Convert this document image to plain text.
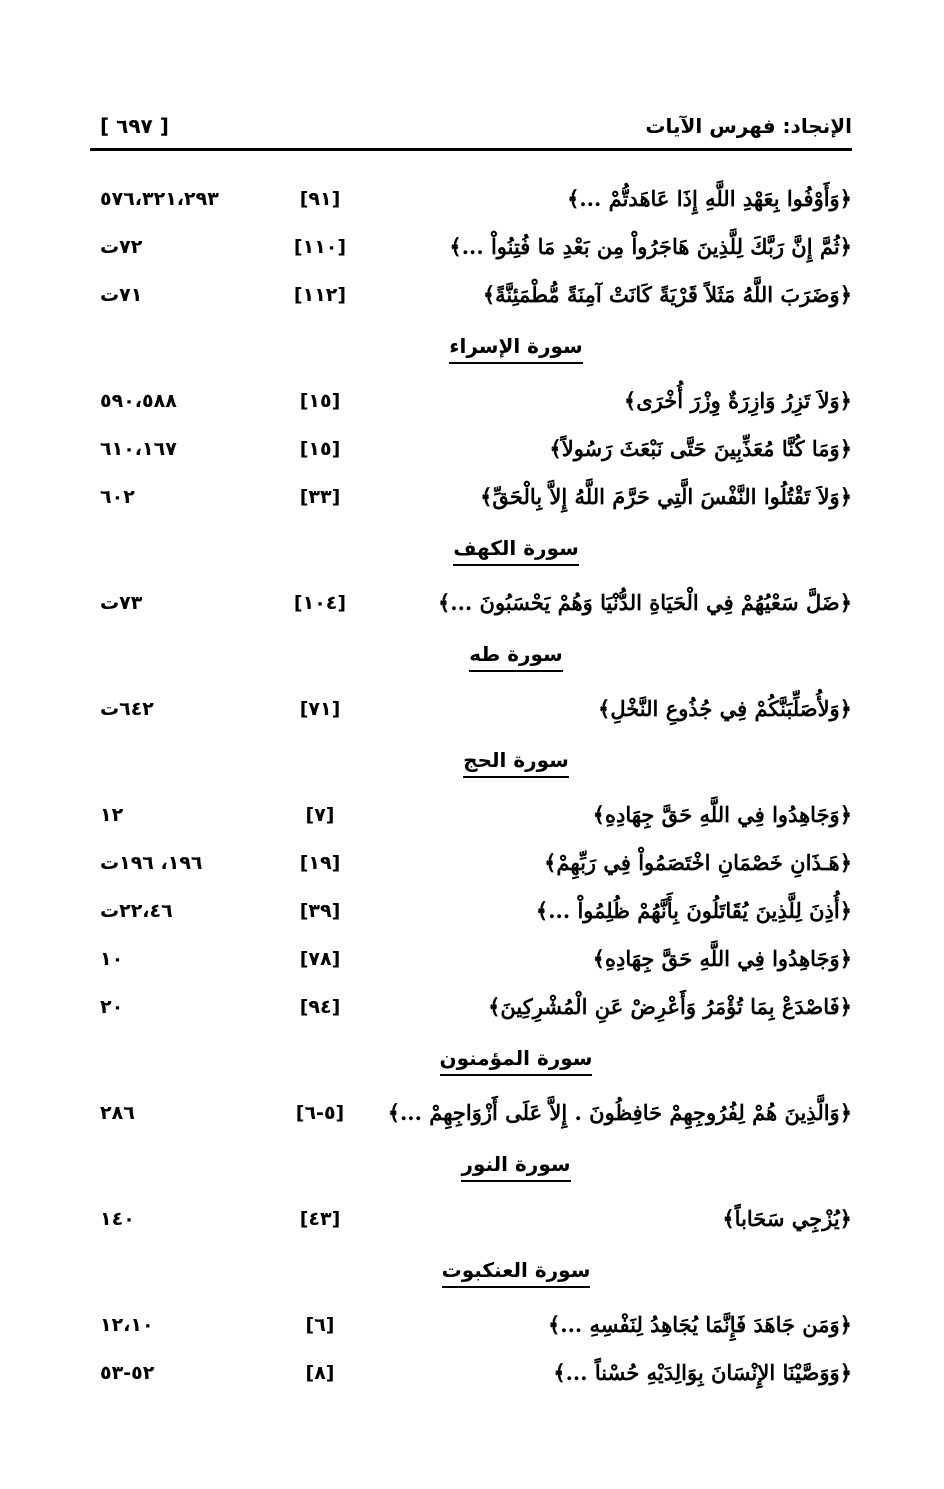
الإنجاد: فهرس الآيات
[ ٦٩٧ ]
﴿وَأَوْفُوا بِعَهْدِ اللَّهِ إِذَا عَاهَدتُّمْ ...﴾
[٩١]
٥٧٦،٣٢١،٢٩٣
﴿ثُمَّ إِنَّ رَبَّكَ لِلَّذِينَ هَاجَرُواْ مِن بَعْدِ مَا فُتِنُواْ ...﴾
[١١٠]
٧٢ت
﴿وَضَرَبَ اللَّهُ مَثَلاً قَرْيَةً كَانَتْ آمِنَةً مُّطْمَئِنَّةً﴾
[١١٢]
٧١ت
سورة الإسراء
﴿وَلاَ تَزِرُ وَازِرَةٌ وِزْرَ أُخْرَى﴾
[١٥]
٥٩٠،٥٨٨
﴿وَمَا كُنَّا مُعَذِّبِينَ حَتَّى نَبْعَثَ رَسُولاً﴾
[١٥]
٦١٠،١٦٧
﴿وَلاَ تَقْتُلُوا النَّفْسَ الَّتِي حَرَّمَ اللَّهُ إِلاَّ بِالْحَقِّ﴾
[٣٣]
٦٠٢
سورة الكهف
﴿ضَلَّ سَعْيُهُمْ فِي الْحَيَاةِ الدُّنْيَا وَهُمْ يَحْسَبُونَ ...﴾
[١٠٤]
٧٣ت
سورة طه
﴿وَلأُصَلِّبَنَّكُمْ فِي جُذُوعِ النَّخْلِ﴾
[٧١]
٦٤٢ت
سورة الحج
﴿وَجَاهِدُوا فِي اللَّهِ حَقَّ جِهَادِهِ﴾
[٧]
١٢
﴿هَـذَانِ خَصْمَانِ اخْتَصَمُواْ فِي رَبِّهِمْ﴾
[١٩]
١٩٦، ١٩٦ت
﴿أُذِنَ لِلَّذِينَ يُقَاتَلُونَ بِأَنَّهُمْ ظُلِمُواْ ...﴾
[٣٩]
٢٢،٤٦ت
﴿وَجَاهِدُوا فِي اللَّهِ حَقَّ جِهَادِهِ﴾
[٧٨]
١٠
﴿فَاصْدَعْ بِمَا تُؤْمَرُ وَأَعْرِضْ عَنِ الْمُشْرِكِينَ﴾
[٩٤]
٢٠
سورة المؤمنون
﴿وَالَّذِينَ هُمْ لِفُرُوجِهِمْ حَافِظُونَ . إِلاَّ عَلَى أَزْوَاجِهِمْ ...﴾
[٥-٦]
٢٨٦
سورة النور
﴿يُزْجِي سَحَاباً﴾
[٤٣]
١٤٠
سورة العنكبوت
﴿وَمَن جَاهَدَ فَإِنَّمَا يُجَاهِدُ لِنَفْسِهِ ...﴾
[٦]
١٢،١٠
﴿وَوَصَّيْنَا الإِنْسَانَ بِوَالِدَيْهِ حُسْناً ...﴾
[٨]
٥٢-٥٣
